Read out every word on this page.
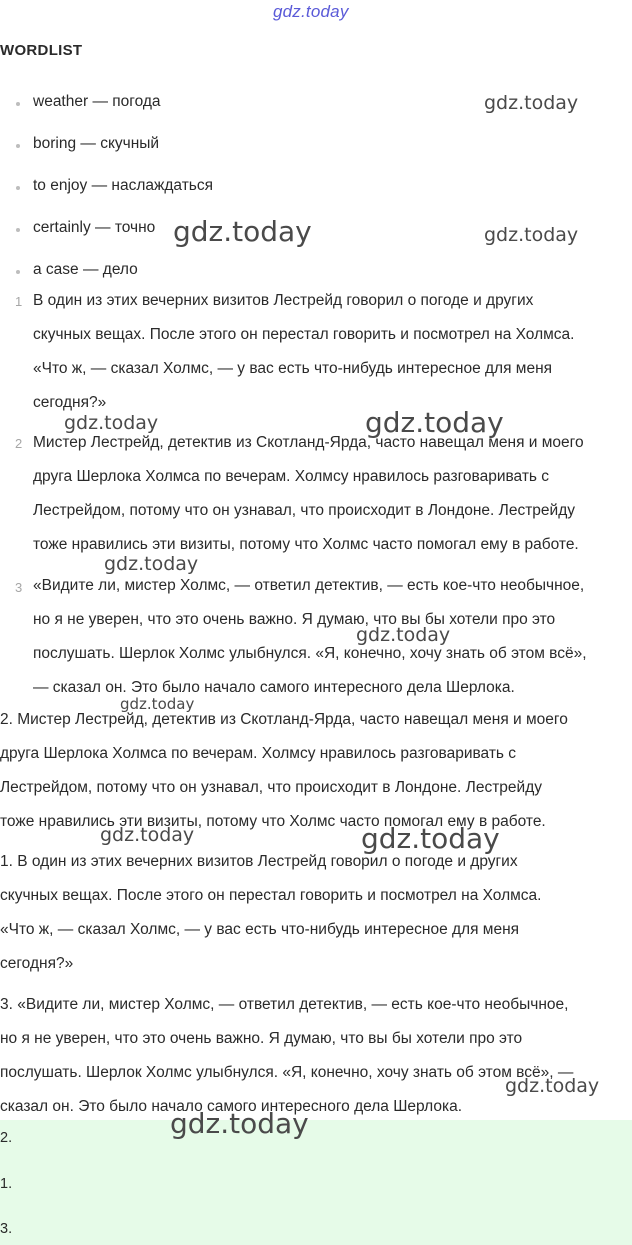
gdz.today
WORDLIST
weather — погода
boring — скучный
to enjoy — наслаждаться
certainly — точно
a case — дело
1 В один из этих вечерних визитов Лестрейд говорил о погоде и других
скучных вещах. После этого он перестал говорить и посмотрел на Холмса.
«Что ж, — сказал Холмс, — у вас есть что-нибудь интересное для меня
сегодня?»
2 Мистер Лестрейд, детектив из Скотланд-Ярда, часто навещал меня и моего
друга Шерлока Холмса по вечерам. Холмсу нравилось разговаривать с
Лестрейдом, потому что он узнавал, что происходит в Лондоне. Лестрейду
тоже нравились эти визиты, потому что Холмс часто помогал ему в работе.
3 «Видите ли, мистер Холмс, — ответил детектив, — есть кое-что необычное,
но я не уверен, что это очень важно. Я думаю, что вы бы хотели про это
послушать. Шерлок Холмс улыбнулся. «Я, конечно, хочу знать об этом всё»,
— сказал он. Это было начало самого интересного дела Шерлока.
2. Мистер Лестрейд, детектив из Скотланд-Ярда, часто навещал меня и моего
друга Шерлока Холмса по вечерам. Холмсу нравилось разговаривать с
Лестрейдом, потому что он узнавал, что происходит в Лондоне. Лестрейду
тоже нравились эти визиты, потому что Холмс часто помогал ему в работе.
1. В один из этих вечерних визитов Лестрейд говорил о погоде и других
скучных вещах. После этого он перестал говорить и посмотрел на Холмса.
«Что ж, — сказал Холмс, — у вас есть что-нибудь интересное для меня
сегодня?»
3. «Видите ли, мистер Холмс, — ответил детектив, — есть кое-что необычное,
но я не уверен, что это очень важно. Я думаю, что вы бы хотели про это
послушать. Шерлок Холмс улыбнулся. «Я, конечно, хочу знать об этом всё», —
сказал он. Это было начало самого интересного дела Шерлока.
2.
1.
3.
gdz.today
gdz.today	gdz.today
gdz.today	gdz.today
gdz.today
gdz.today
gdz.today
gdz.today	gdz.today
gdz.today
gdz.today
